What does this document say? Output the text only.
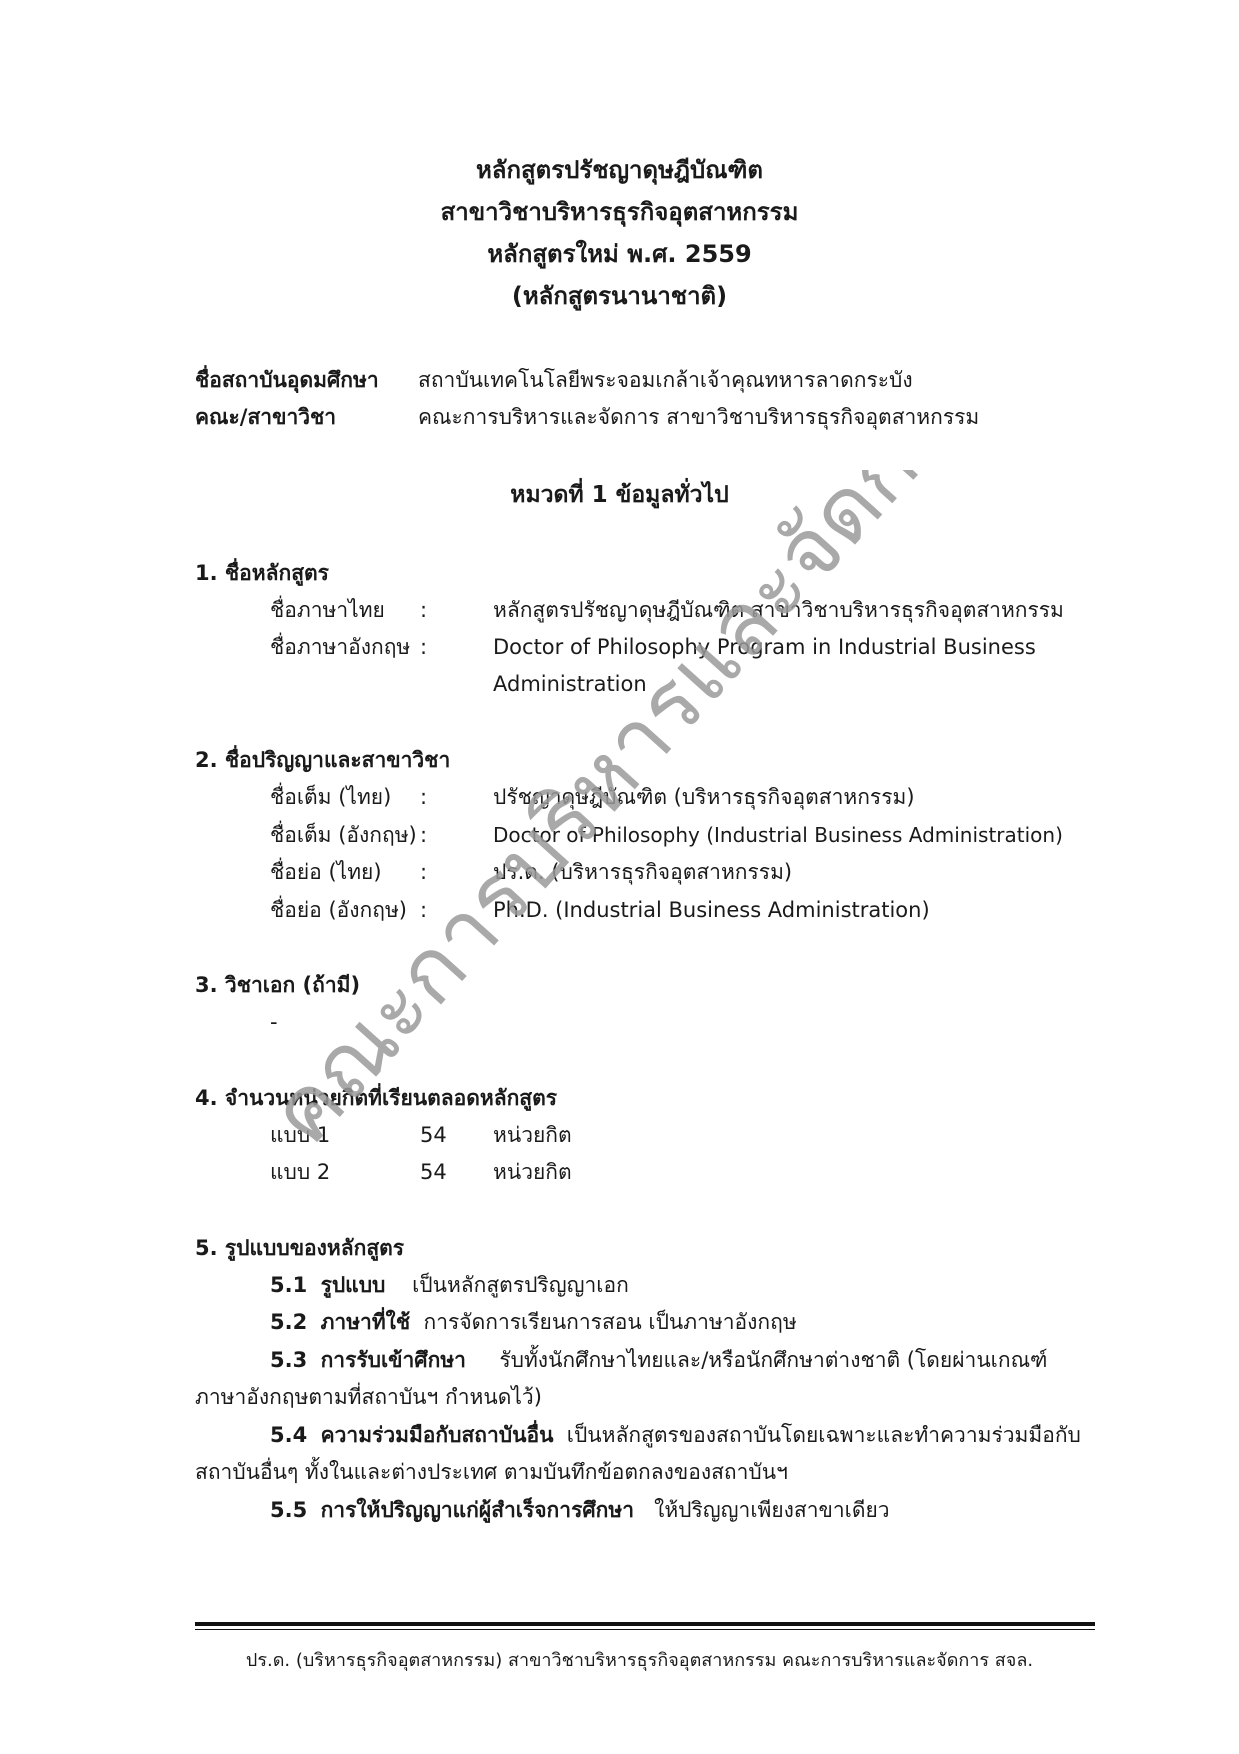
หลักสูตรปรัชญาดุษฎีบัณฑิต
สาขาวิชาบริหารธุรกิจอุตสาหกรรม
หลักสูตรใหม่ พ.ศ. 2559
(หลักสูตรนานาชาติ)
ชื่อสถาบันอุดมศึกษา สถาบันเทคโนโลยีพระจอมเกล้าเจ้าคุณทหารลาดกระบัง
คณะ/สาขาวิชา	คณะการบริหารและจัดการ สาขาวิชาบริหารธุรกิจอุตสาหกรรม
หมวดที่ 1 ข้อมูลทั่วไป
1. ชื่อหลักสูตร
ชื่อภาษาไทย :	หลักสูตรปรัชญาดุษฎีบัณฑิต สาขาวิชาบริหารธุรกิจอุตสาหกรรม
ชื่อภาษาอังกฤษ :	Doctor of Philosophy Program in Industrial Business
Administration
2. ชื่อปริญญาและสาขาวิชา
ชื่อเต็ม (ไทย) :	ปรัชญาดุษฎีบัณฑิต (บริหารธุรกิจอุตสาหกรรม)
ชื่อเต็ม (อังกฤษ) :	Doctor of Philosophy (Industrial Business Administration)
ชื่อย่อ (ไทย) :	ปร.ด. (บริหารธุรกิจอุตสาหกรรม)
ชื่อย่อ (อังกฤษ) :	Ph.D. (Industrial Business Administration)
3. วิชาเอก (ถ้ามี)
-
4. จำนวนหน่วยกิตที่เรียนตลอดหลักสูตร
แบบ 1	54 หน่วยกิต
แบบ 2	54 หน่วยกิต
5. รูปแบบของหลักสูตร
5.1 รูปแบบ เป็นหลักสูตรปริญญาเอก
5.2 ภาษาที่ใช้ การจัดการเรียนการสอน เป็นภาษาอังกฤษ
5.3 การรับเข้าศึกษา รับทั้งนักศึกษาไทยและ/หรือนักศึกษาต่างชาติ (โดยผ่านเกณฑ์
ภาษาอังกฤษตามที่สถาบันฯ กำหนดไว้)
5.4 ความร่วมมือกับสถาบันอื่น เป็นหลักสูตรของสถาบันโดยเฉพาะและทำความร่วมมือกับ
สถาบันอื่นๆ ทั้งในและต่างประเทศ ตามบันทึกข้อตกลงของสถาบันฯ
5.5 การให้ปริญญาแก่ผู้สำเร็จการศึกษา ให้ปริญญาเพียงสาขาเดียว
ปร.ด. (บริหารธุรกิจอุตสาหกรรม) สาขาวิชาบริหารธุรกิจอุตสาหกรรม คณะการบริหารและจัดการ สจล.
คณะการบริหารและจัดการ
